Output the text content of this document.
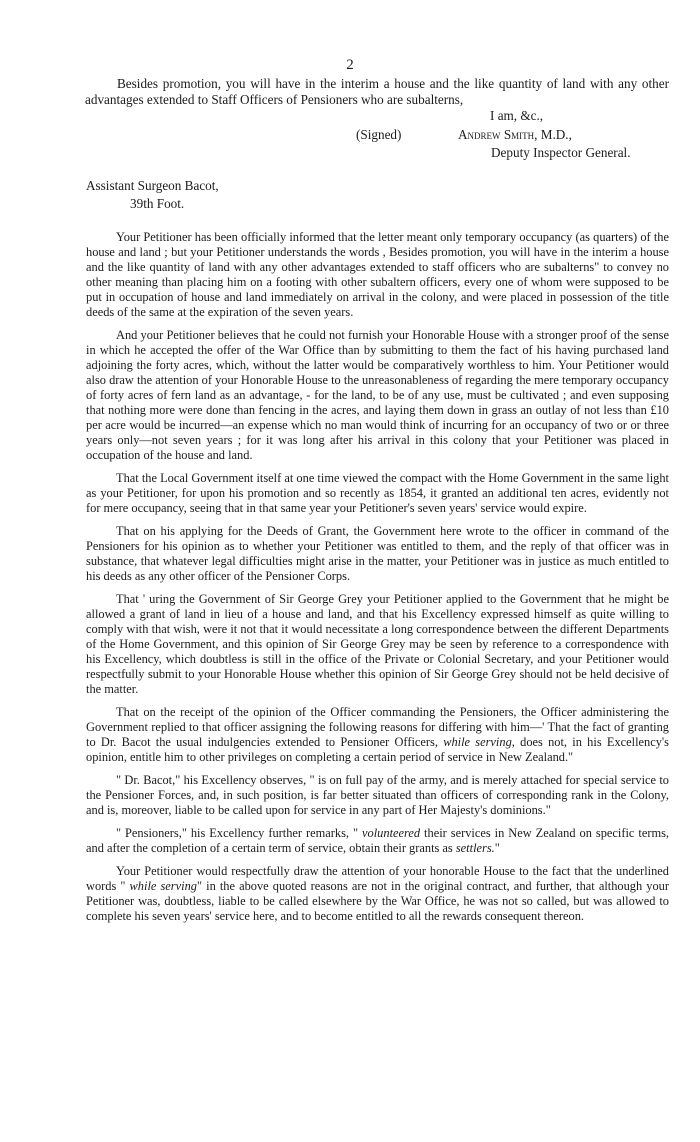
2

Besides promotion, you will have in the interim a house and the like quantity of land with any other advantages extended to Staff Officers of Pensioners who are subalterns,

I am, &c.,
(Signed)	Andrew Smith, M.D.,
Deputy Inspector General.
Assistant Surgeon Bacot,
39th Foot.

Your Petitioner has been officially informed that the letter meant only temporary occupancy (as quarters) of the house and land ; but your Petitioner understands the words , Besides promotion, you will have in the interim a house and the like quantity of land with any other advantages extended to staff officers who are subalterns" to convey no other meaning than placing him on a footing with other subaltern officers, every one of whom were supposed to be put in occupation of house and land immediately on arrival in the colony, and were placed in possession of the title deeds of the same at the expiration of the seven years.

And your Petitioner believes that he could not furnish your Honorable House with a stronger proof of the sense in which he accepted the offer of the War Office than by submitting to them the fact of his having purchased land adjoining the forty acres, which, without the latter would be comparatively worthless to him. Your Petitioner would also draw the attention of your Honorable House to the unreasonableness of regarding the mere temporary occupancy of forty acres of fern land as an advantage, - for the land, to be of any use, must be cultivated ; and even supposing that nothing more were done than fencing in the acres, and laying them down in grass an outlay of not less than £10 per acre would be incurred—an expense which no man would think of incurring for an occupancy of two or or three years only—not seven years ; for it was long after his arrival in this colony that your Petitioner was placed in occupation of the house and land.

That the Local Government itself at one time viewed the compact with the Home Government in the same light as your Petitioner, for upon his promotion and so recently as 1854, it granted an additional ten acres, evidently not for mere occupancy, seeing that in that same year your Petitioner's seven years' service would expire.

That on his applying for the Deeds of Grant, the Government here wrote to the officer in command of the Pensioners for his opinion as to whether your Petitioner was entitled to them, and the reply of that officer was in substance, that whatever legal difficulties might arise in the matter, your Petitioner was in justice as much entitled to his deeds as any other officer of the Pensioner Corps.

That ' uring the Government of Sir George Grey your Petitioner applied to the Government that he might be allowed a grant of land in lieu of a house and land, and that his Excellency expressed himself as quite willing to comply with that wish, were it not that it would necessitate a long correspondence between the different Departments of the Home Government, and this opinion of Sir George Grey may be seen by reference to a correspondence with his Excellency, which doubtless is still in the office of the Private or Colonial Secretary, and your Petitioner would respectfully submit to your Honorable House whether this opinion of Sir George Grey should not be held decisive of the matter.

That on the receipt of the opinion of the Officer commanding the Pensioners, the Officer administering the Government replied to that officer assigning the following reasons for differing with him—' That the fact of granting to Dr. Bacot the usual indulgencies extended to Pensioner Officers, while serving, does not, in his Excellency's opinion, entitle him to other privileges on completing a certain period of service in New Zealand."

" Dr. Bacot," his Excellency observes, " is on full pay of the army, and is merely attached for special service to the Pensioner Forces, and, in such position, is far better situated than officers of corresponding rank in the Colony, and is, moreover, liable to be called upon for service in any part of Her Majesty's dominions."

" Pensioners," his Excellency further remarks, " volunteered their services in New Zealand on specific terms, and after the completion of a certain term of service, obtain their grants as settlers."

Your Petitioner would respectfully draw the attention of your honorable House to the fact that the underlined words " while serving" in the above quoted reasons are not in the original contract, and further, that although your Petitioner was, doubtless, liable to be called elsewhere by the War Office, he was not so called, but was allowed to complete his seven years' service here, and to become entitled to all the rewards consequent thereon.
